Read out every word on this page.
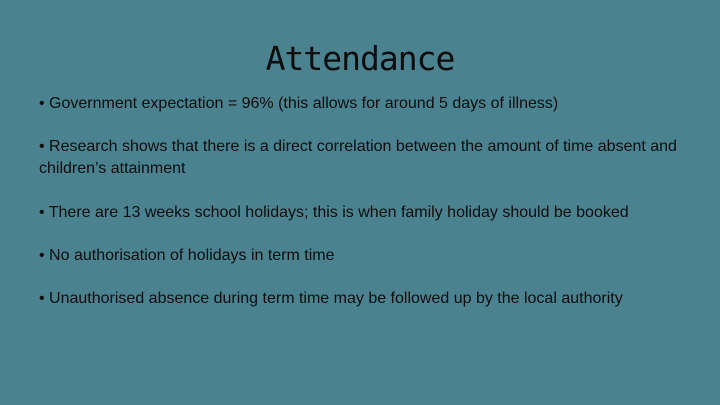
Attendance
• Government expectation = 96% (this allows for around 5 days of illness)
• Research shows that there is a direct correlation between the amount of time absent and children’s attainment
• There are 13 weeks school holidays; this is when family holiday should be booked
• No authorisation of holidays in term time
• Unauthorised absence during term time may be followed up by the local authority
